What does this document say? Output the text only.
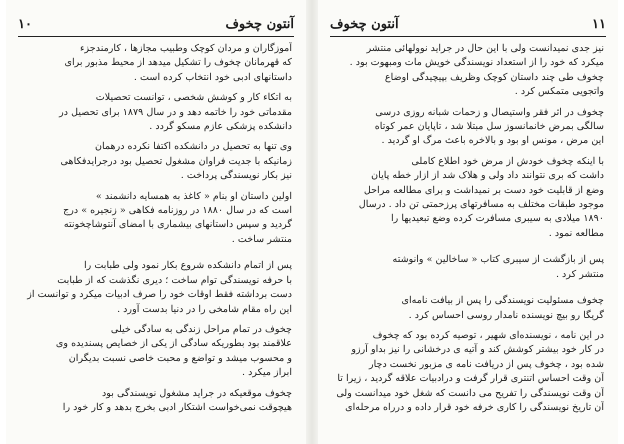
۱۰	آنتون چخوف
آموزگاران و مردان کوچک وطبیب مجازها ، کارمندجزء
که قهرمانان چخوف را تشکیل میدهد از محیط مذبور برای
داستانهای ادبی خود انتخاب کرده است .
به اتکاء کار و کوشش شخصی ، توانست تحصیلات
مقدماتی خود را خاتمه دهد و در سال ۱۸۷۹ برای تحصیل در
دانشکده پزشکی عازم مسکو گردد .
وی تنها به تحصیل در دانشکده اکتفا نکرده درهمان
زمانیکه با جدیت فراوان مشغول تحصیل بود درجرایدفکاهی
نیز بکار نویسندگی پرداخت .
اولین داستان او بنام « کاغذ به همسایه دانشمند »
است که در سال ۱۸۸۰ در روزنامه فکاهی « زنجیره » درج
گردید و سپس داستانهای بیشماری با امضای آنتوشاچخونته
منتشر ساخت .
پس از اتمام دانشکده شروع بکار نمود ولی طبابت را
با حرفه نویسندگی توام ساخت ؛ دیری نگذشت که از طبابت
دست برداشته فقط اوقات خود را صرف ادبیات میکرد و توانست از
این راه مقام شامخی را در دنیا بدست آورد .
چخوف در تمام مراحل زندگی به سادگی خیلی
علاقمند بود بطوریکه سادگی از یکی از خصایص پسندیده وی
و محسوب میشد و تواضع و محبت خاصی نسبت بدیگران
ابراز میکرد .
چخوف موقعیکه در جراید مشغول نویسندگی بود
هیچوقت نمی‌خواست اشتکار ادبی بخرج بدهد و کار خود را
آنتون چخوف	۱۱
نیز جدی نمیدانست ولی با این حال در جراید نوولهائی منتشر
میکرد که خود را از استعداد نویسندگی خویش مات ومبهوت بود .
چخوف طی چند داستان کوچک وظریف بپیچیدگی اوضاع
واتجویی متمکس کرد .
چخوف در اثر فقر واستیصال و زحمات شبانه روزی درسی
سالگی بمرض خانمانسوز سل مبتلا شد ، تاپایان عمر کوتاه
این مرض ، مونس او بود و بالاخره باعث مرگ او گردید .
با اینکه چخوف خودش از مرض خود اطلاع کاملی
داشت که بری نتوانند داد ولی و هلاک شد از ازار خطه پایان
وضع از قابلیت خود دست بر نمیداشت و برای مطالعه مراحل
موجود طبقات مختلف به مسافرتهای پرزحمتی تن داد . درسال
۱۸۹۰ میلادی به سیبری مسافرت کرده وضع تبعیدیها را
مطالعه نمود .
پس از بازگشت از سیبری کتاب « ساخالین » وانوشته
منتشر کرد .
چخوف مسئولیت نویسندگی را پس از بیافت نامه‌ای
گریگا رو بیچ نویسنده نامدار روسی احساس کرد .
در این نامه ، نویسنده‌ای شهیر ، توصیه کرده بود که چخوف
در کار خود بیشتر کوشش کند و آتیه ی درخشانی را نیز بداو آرزو
شده بود ، چخوف پس از دریافت نامه ی مزبور نخست دچار
آن وقت احساس اتنتری قرار گرفت و درادبیات علاقه گردید ، زیرا تا
آن وقت نویسندگی را تفریح می دانست که شغل خود میدانست ولی
آن تاریخ نویسندگی را کاری خرفه خود قرار داده و درراه مرحله‌ای
